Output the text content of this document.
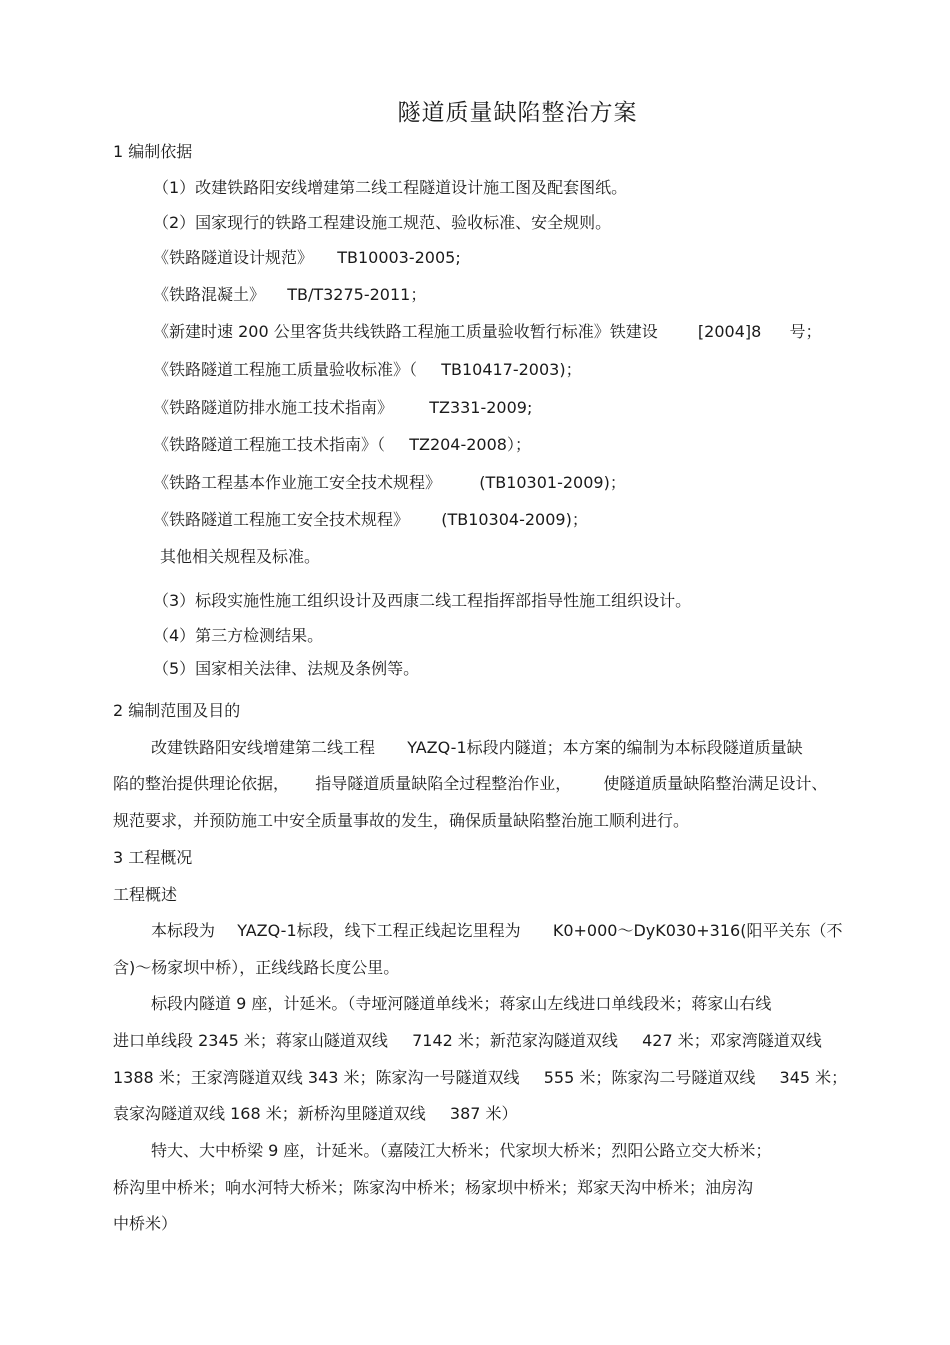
隧道质量缺陷整治方案
1 编制依据
（1）改建铁路阳安线增建第二线工程隧道设计施工图及配套图纸。
（2）国家现行的铁路工程建设施工规范、验收标准、安全规则。
《铁路隧道设计规范》 TB10003-2005;
《铁路混凝土》 TB/T3275-2011；
《新建时速 200 公里客货共线铁路工程施工质量验收暂行标准》铁建设	[2004]8 号；
《铁路隧道工程施工质量验收标准》（ TB10417-2003)；
《铁路隧道防排水施工技术指南》 TZ331-2009;
《铁路隧道工程施工技术指南》（ TZ204-2008）；
《铁路工程基本作业施工安全技术规程》 (TB10301-2009)；
《铁路隧道工程施工安全技术规程》 (TB10304-2009)；
其他相关规程及标准。
（3）标段实施性施工组织设计及西康二线工程指挥部指导性施工组织设计。
（4）第三方检测结果。
（5）国家相关法律、法规及条例等。
2 编制范围及目的
改建铁路阳安线增建第二线工程 YAZQ-1标段内隧道；本方案的编制为本标段隧道质量缺
陷的整治提供理论依据， 指导隧道质量缺陷全过程整治作业， 使隧道质量缺陷整治满足设计、
规范要求，并预防施工中安全质量事故的发生，确保质量缺陷整治施工顺利进行。
3 工程概况
工程概述
本标段为 YAZQ-1标段，线下工程正线起讫里程为 K0+000～DyK030+316(阳平关东（不
含)～杨家坝中桥），正线线路长度公里。
标段内隧道 9 座，计延米。（寺垭河隧道单线米；蒋家山左线进口单线段米；蒋家山右线
进口单线段 2345 米；蒋家山隧道双线 7142 米；新范家沟隧道双线 427 米；邓家湾隧道双线
1388 米；王家湾隧道双线 343 米；陈家沟一号隧道双线 555 米；陈家沟二号隧道双线 345 米；
袁家沟隧道双线 168 米；新桥沟里隧道双线 387 米）
特大、大中桥梁 9 座，计延米。（嘉陵江大桥米；代家坝大桥米；烈阳公路立交大桥米；
桥沟里中桥米；响水河特大桥米；陈家沟中桥米；杨家坝中桥米；郑家天沟中桥米；油房沟
中桥米）
